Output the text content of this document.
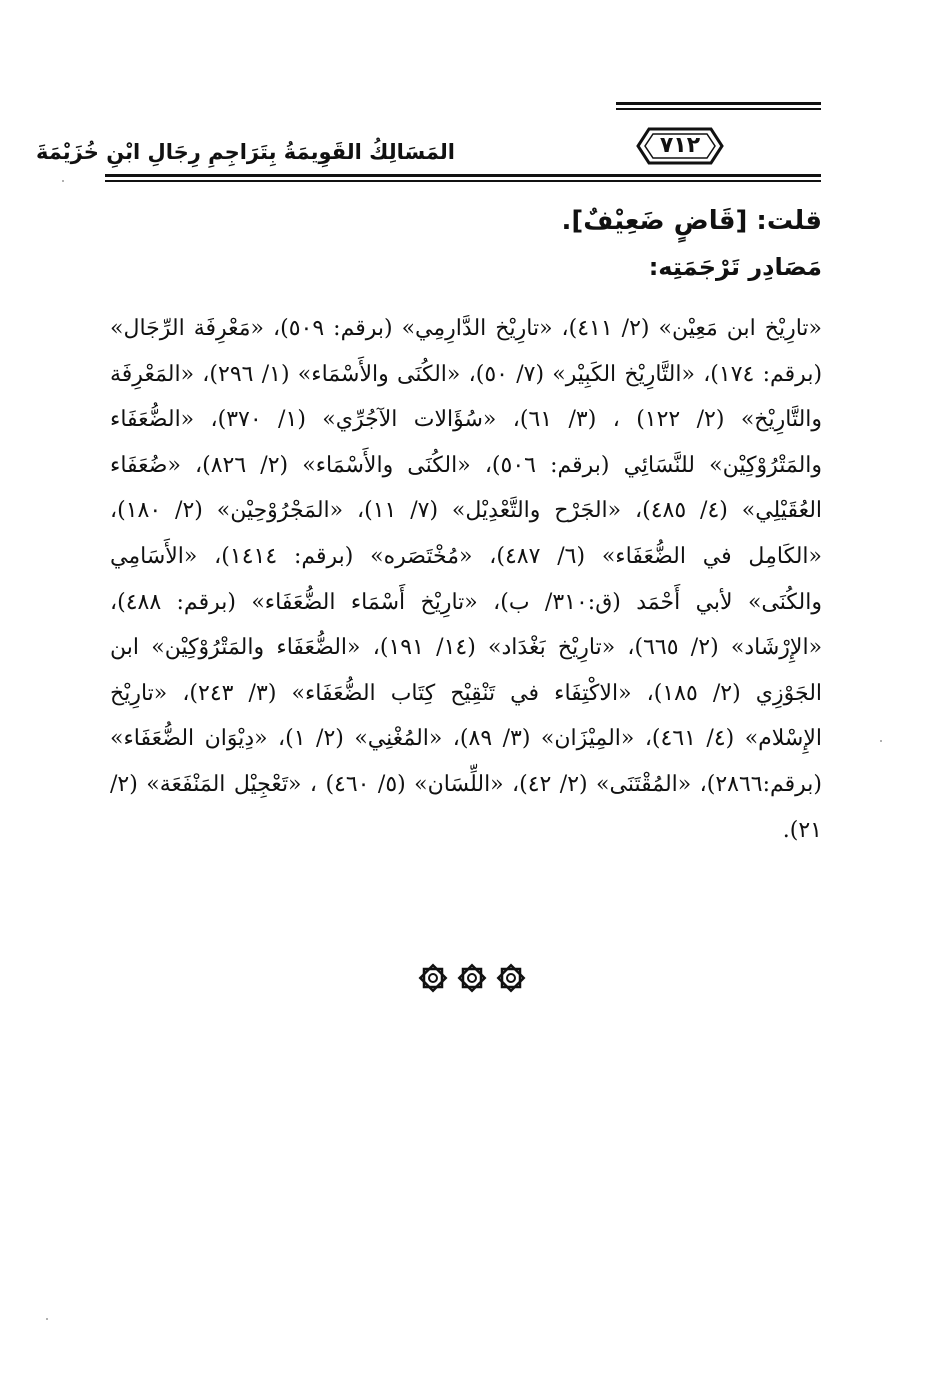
المَسَالِكُ القَوِيمَةُ بِتَرَاجِمِ رِجَالِ ابْنِ خُزَيْمَةَ	٧١٢

قلت: [قَاضٍ ضَعِيْفٌ].

مَصَادِر تَرْجَمَتِه:

«تارِيْخ ابن مَعِيْن» (٢/ ٤١١)، «تارِيْخ الدَّارِمِي» (برقم: ٥٠٩)، «مَعْرِفَة الرِّجَال» (برقم: ١٧٤)، «التَّارِيْخ الكَبِيْر» (٧/ ٥٠)، «الكُنَى والأَسْمَاء» (١/ ٢٩٦)، «المَعْرِفَة والتَّارِيْخ» (٢/ ١٢٢) ، (٣/ ٦١)، «سُؤَالات الآجُرِّي» (١/ ٣٧٠)، «الضُّعَفَاء والمَتْرُوْكِيْن» للنَّسَائِي (برقم: ٥٠٦)، «الكُنَى والأَسْمَاء» (٢/ ٨٢٦)، «ضُعَفَاء العُقَيْلِي» (٤/ ٤٨٥)، «الجَرْح والتَّعْدِيْل» (٧/ ١١)، «المَجْرُوْحِيْن» (٢/ ١٨٠)، «الكَامِل في الضُّعَفَاء» (٦/ ٤٨٧)، «مُخْتَصَره» (برقم: ١٤١٤)، «الأَسَامِي والكُنَى» لأبي أَحْمَد (ق:٣١٠/ ب)، «تارِيْخ أَسْمَاء الضُّعَفَاء» (برقم: ٤٨٨)، «الإِرْشَاد» (٢/ ٦٦٥)، «تارِيْخ بَغْدَاد» (١٤/ ١٩١)، «الضُّعَفَاء والمَتْرُوْكِيْن» ابن الجَوْزِي (٢/ ١٨٥)، «الاكْتِفَاء في تَنْقِيْح كِتَاب الضُّعَفَاء» (٣/ ٢٤٣)، «تارِيْخ الإِسْلام» (٤/ ٤٦١)، «المِيْزَان» (٣/ ٨٩)، «المُغْنِي» (٢/ ١)، «دِيْوَان الضُّعَفَاء» (برقم:٢٨٦٦)، «المُقْتَنَى» (٢/ ٤٢)، «اللِّسَان» (٥/ ٤٦٠) ، «تَعْجِيْل المَنْفَعَة» (٢/ ٢١).
